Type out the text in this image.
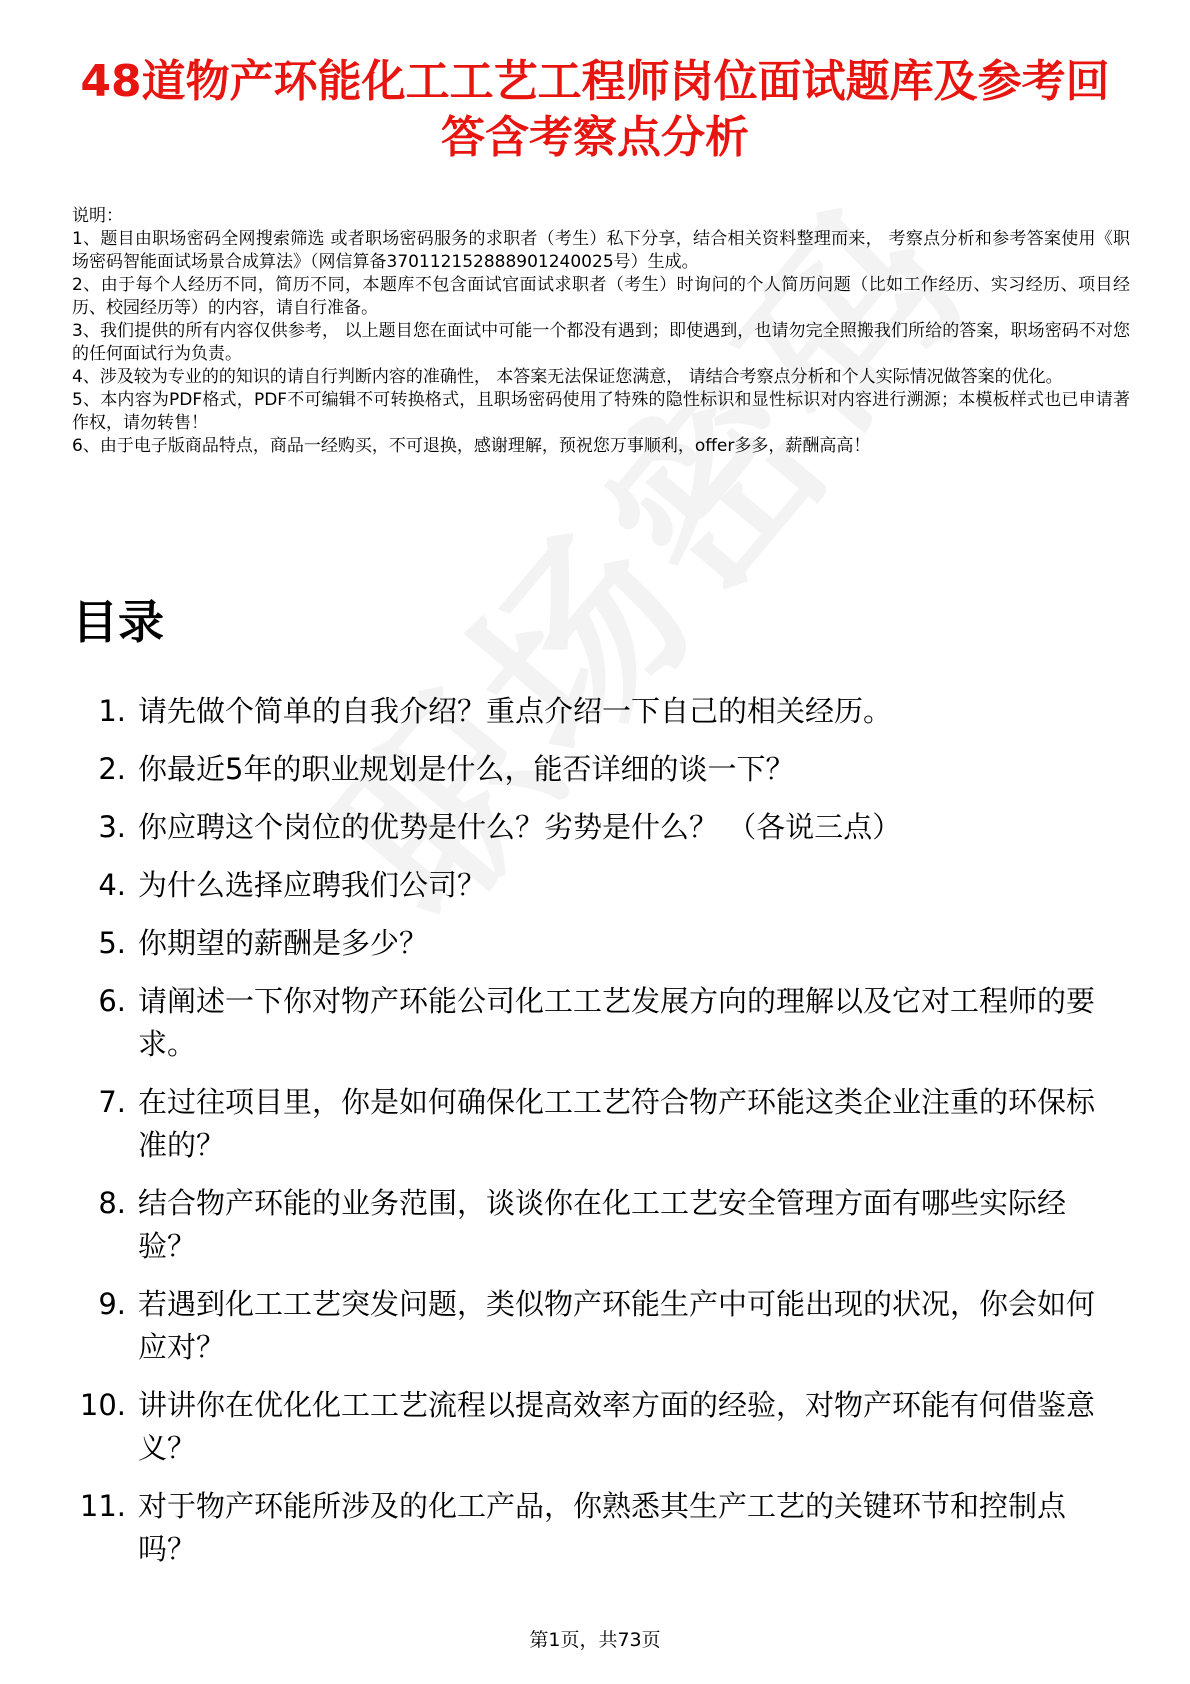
48道物产环能化工工艺工程师岗位面试题库及参考回答含考察点分析

说明：

1、题目由职场密码全网搜索筛选 或者职场密码服务的求职者（考生）私下分享，结合相关资料整理而来， 考察点分析和参考答案使用《职场密码智能面试场景合成算法》（网信算备370112152888901240025号）生成。

2、由于每个人经历不同，简历不同，本题库不包含面试官面试求职者（考生）时询问的个人简历问题（比如工作经历、实习经历、项目经历、校园经历等）的内容，请自行准备。

3、我们提供的所有内容仅供参考， 以上题目您在面试中可能一个都没有遇到；即使遇到，也请勿完全照搬我们所给的答案，职场密码不对您的任何面试行为负责。

4、涉及较为专业的的知识的请自行判断内容的准确性， 本答案无法保证您满意， 请结合考察点分析和个人实际情况做答案的优化。

5、本内容为PDF格式，PDF不可编辑不可转换格式，且职场密码使用了特殊的隐性标识和显性标识对内容进行溯源；本模板样式也已申请著作权，请勿转售！

6、由于电子版商品特点，商品一经购买，不可退换，感谢理解，预祝您万事顺利，offer多多，薪酬高高！

目录
1. 请先做个简单的自我介绍？重点介绍一下自己的相关经历。
2. 你最近5年的职业规划是什么，能否详细的谈一下？
3. 你应聘这个岗位的优势是什么？劣势是什么？ （各说三点）
4. 为什么选择应聘我们公司？
5. 你期望的薪酬是多少？
6. 请阐述一下你对物产环能公司化工工艺发展方向的理解以及它对工程师的要求。
7. 在过往项目里，你是如何确保化工工艺符合物产环能这类企业注重的环保标准的？
8. 结合物产环能的业务范围，谈谈你在化工工艺安全管理方面有哪些实际经验？
9. 若遇到化工工艺突发问题，类似物产环能生产中可能出现的状况，你会如何应对？
10. 讲讲你在优化化工工艺流程以提高效率方面的经验，对物产环能有何借鉴意义？
11. 对于物产环能所涉及的化工产品，你熟悉其生产工艺的关键环节和控制点吗？
第1页，共73页
